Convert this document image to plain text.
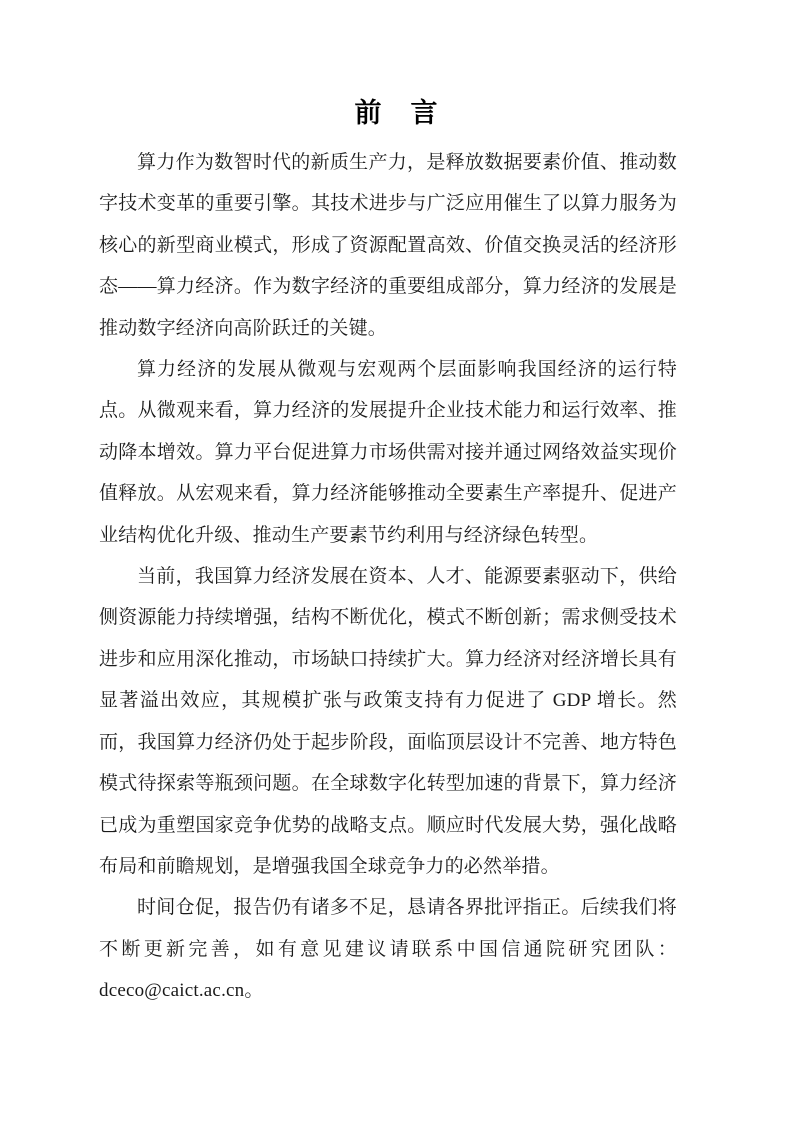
前　言

算力作为数智时代的新质生产力，是释放数据要素价值、推动数字技术变革的重要引擎。其技术进步与广泛应用催生了以算力服务为核心的新型商业模式，形成了资源配置高效、价值交换灵活的经济形态——算力经济。作为数字经济的重要组成部分，算力经济的发展是推动数字经济向高阶跃迁的关键。

算力经济的发展从微观与宏观两个层面影响我国经济的运行特点。从微观来看，算力经济的发展提升企业技术能力和运行效率、推动降本增效。算力平台促进算力市场供需对接并通过网络效益实现价值释放。从宏观来看，算力经济能够推动全要素生产率提升、促进产业结构优化升级、推动生产要素节约利用与经济绿色转型。

当前，我国算力经济发展在资本、人才、能源要素驱动下，供给侧资源能力持续增强，结构不断优化，模式不断创新；需求侧受技术进步和应用深化推动，市场缺口持续扩大。算力经济对经济增长具有显著溢出效应，其规模扩张与政策支持有力促进了 GDP 增长。然而，我国算力经济仍处于起步阶段，面临顶层设计不完善、地方特色模式待探索等瓶颈问题。在全球数字化转型加速的背景下，算力经济已成为重塑国家竞争优势的战略支点。顺应时代发展大势，强化战略布局和前瞻规划，是增强我国全球竞争力的必然举措。

时间仓促，报告仍有诸多不足，恳请各界批评指正。后续我们将不断更新完善，如有意见建议请联系中国信通院研究团队：dceco@caict.ac.cn。
